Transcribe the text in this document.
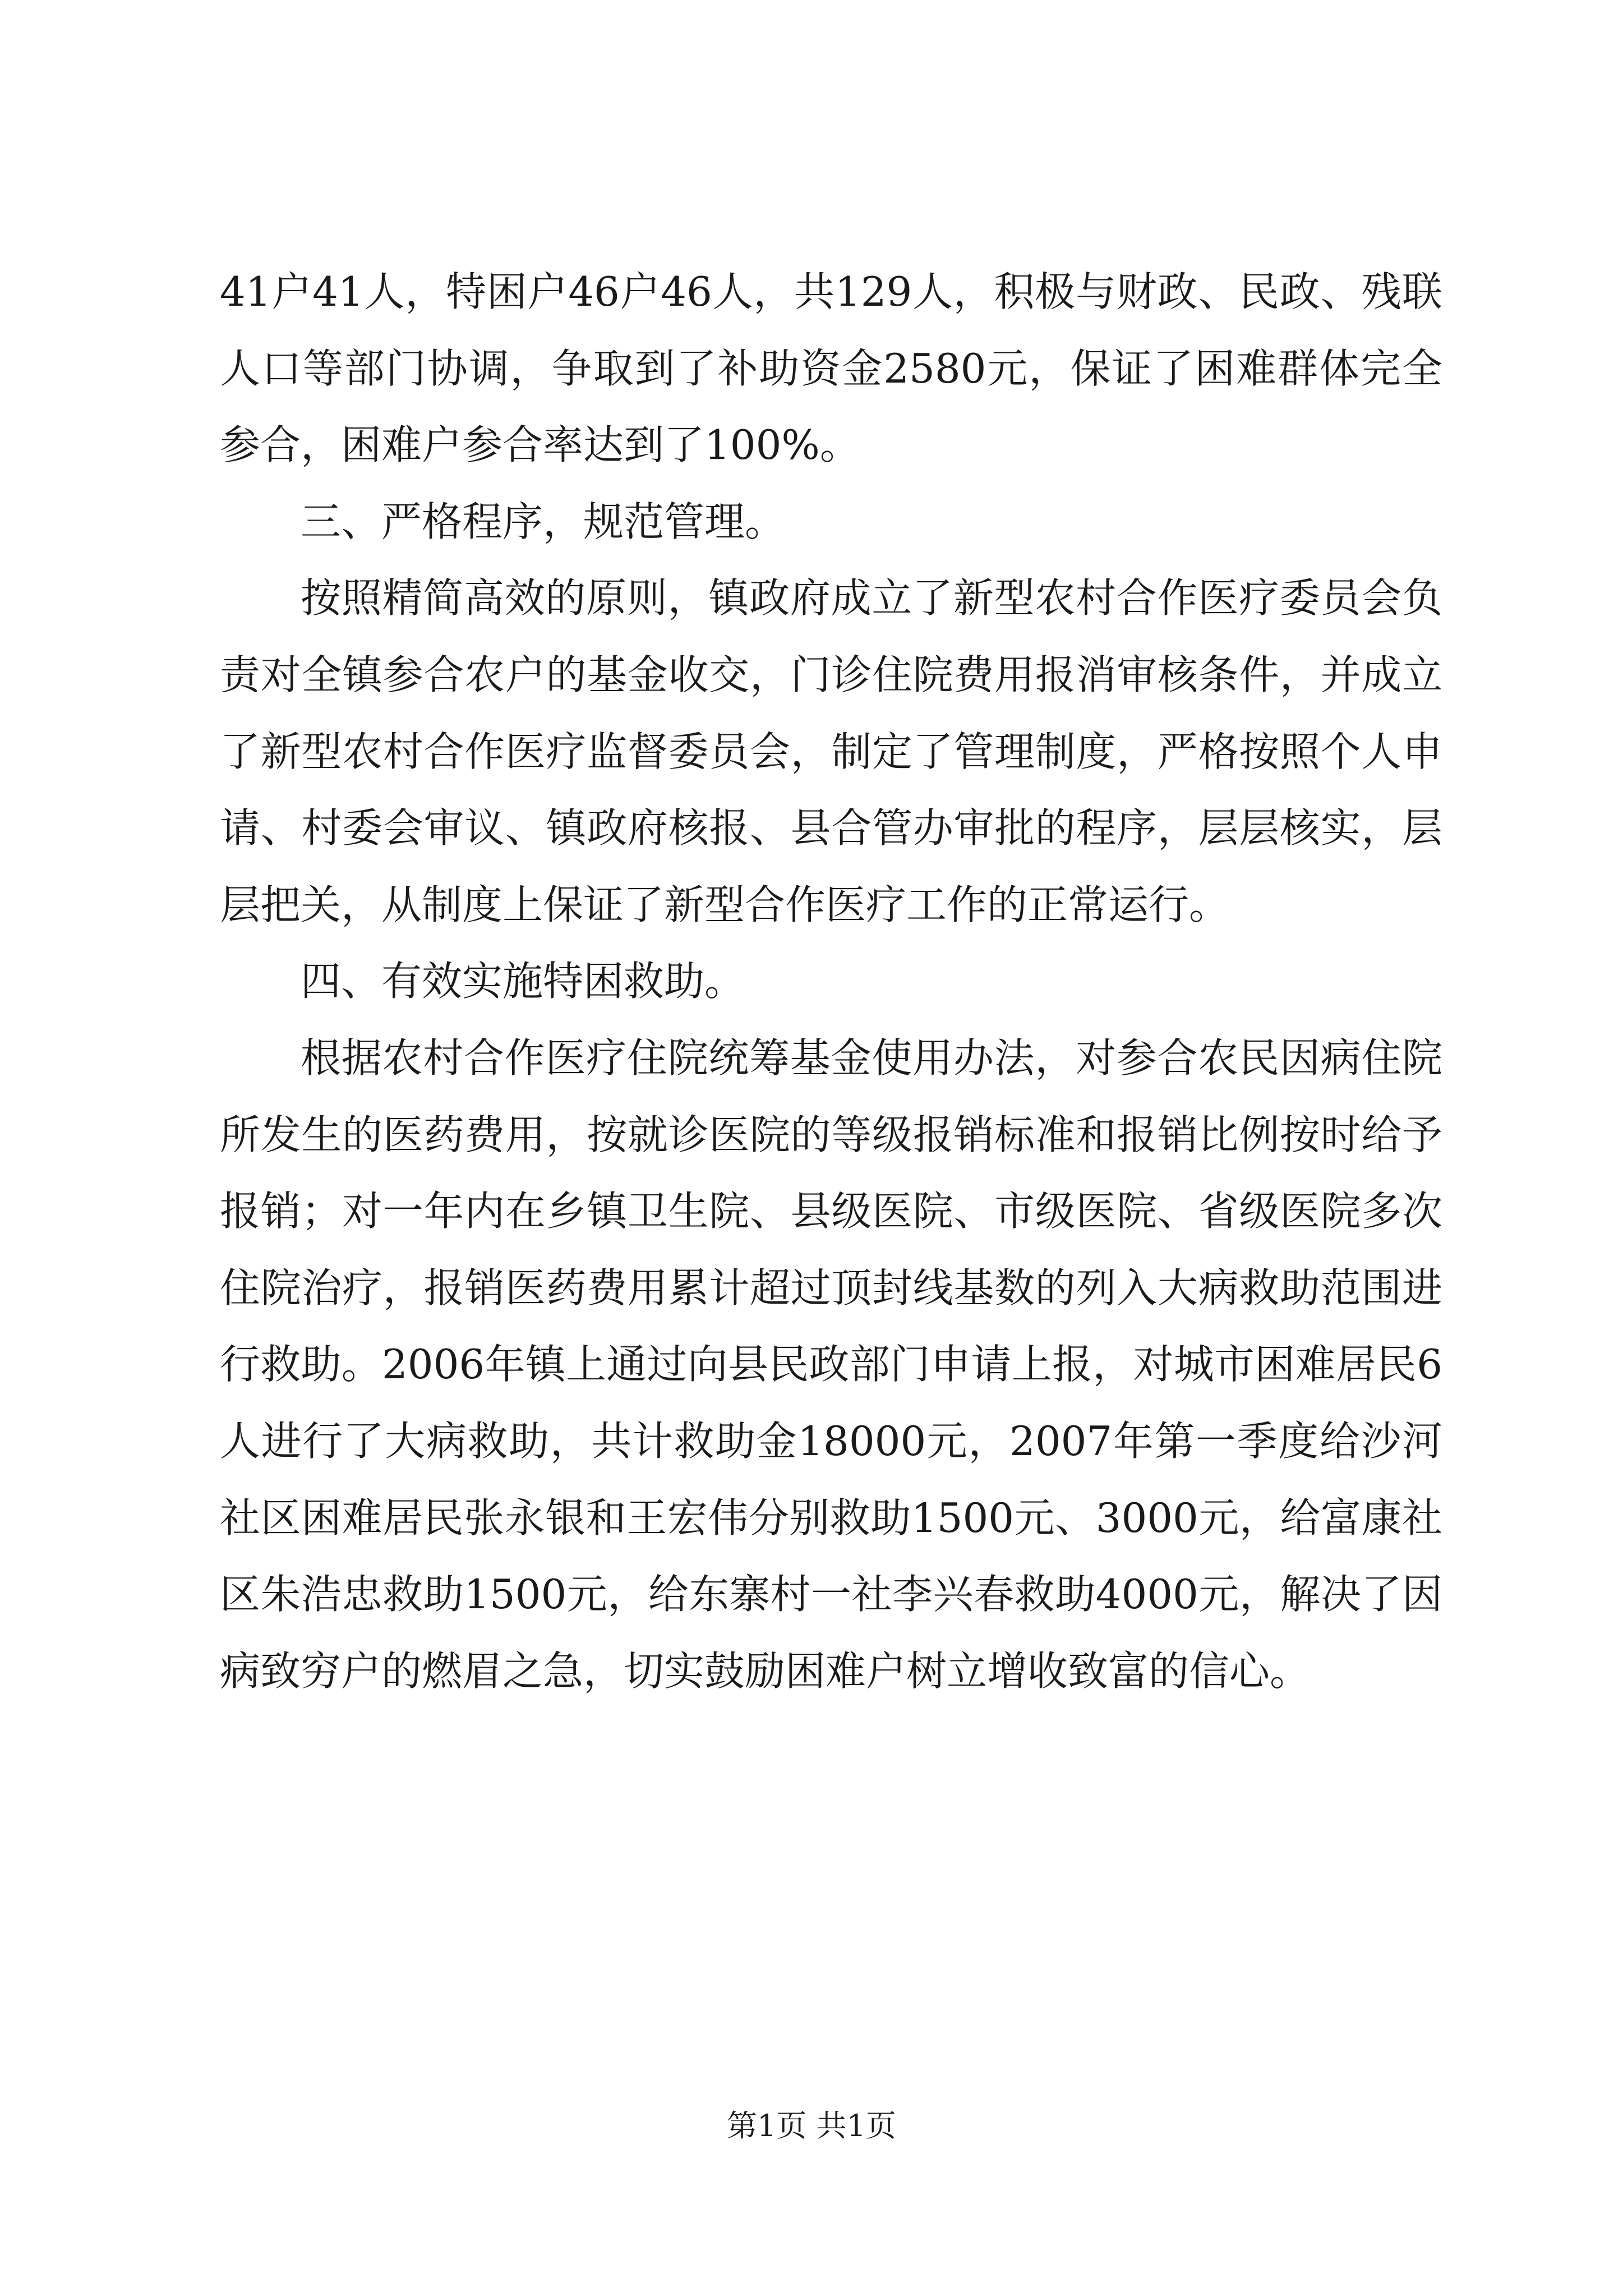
41户41人，特困户46户46人，共129人，积极与财政、民政、残联人口等部门协调，争取到了补助资金2580元，保证了困难群体完全参合，困难户参合率达到了100%。

三、严格程序，规范管理。

按照精简高效的原则，镇政府成立了新型农村合作医疗委员会负责对全镇参合农户的基金收交，门诊住院费用报消审核条件，并成立了新型农村合作医疗监督委员会，制定了管理制度，严格按照个人申请、村委会审议、镇政府核报、县合管办审批的程序，层层核实，层层把关，从制度上保证了新型合作医疗工作的正常运行。

四、有效实施特困救助。

根据农村合作医疗住院统筹基金使用办法，对参合农民因病住院所发生的医药费用，按就诊医院的等级报销标准和报销比例按时给予报销；对一年内在乡镇卫生院、县级医院、市级医院、省级医院多次住院治疗，报销医药费用累计超过顶封线基数的列入大病救助范围进行救助。2006年镇上通过向县民政部门申请上报，对城市困难居民6人进行了大病救助，共计救助金18000元，2007年第一季度给沙河社区困难居民张永银和王宏伟分别救助1500元、3000元，给富康社区朱浩忠救助1500元，给东寨村一社李兴春救助4000元，解决了因病致穷户的燃眉之急，切实鼓励困难户树立增收致富的信心。

第1页 共1页
